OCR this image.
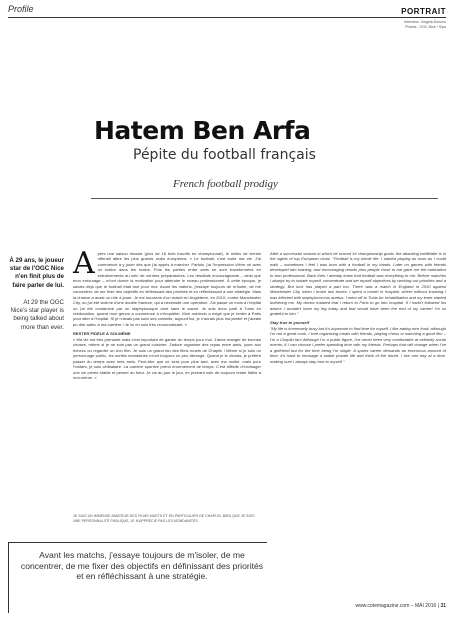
Profile	PORTRAIT
Interview : Angela Donovo
Photos : OGC Nice / Sipa
Hatem Ben Arfa
Pépite du football français
French football prodigy
À 29 ans, le joueur star de l'OGC Nice n'en finit plus de faire parler de lui.
At 29 the OGC Nice's star player is being talked about more than ever.

Après une saison réussie (plus de 16 buts inscrits en championnat), le milieu de terrain offensif attire les plus grands clubs européens. « Le football, c'est toute ma vie. J'ai commencé à y jouer dès que j'ai appris à marcher. Parfois, j'ai l'impression d'être né avec un ballon dans les mains. Puis les parties entre amis se sont transformées en entraînements au sein de centres préparatoires. Les résultats encourageants – ainsi que mon entourage – m'ont donné la motivation pour atteindre le niveau professionnel. À cette époque, je savais déjà que le football était tout pour moi. Avant les matchs, j'essaye toujours de m'isoler, de me concentrer, de me fixer des objectifs en définissant des priorités et en réfléchissant à une stratégie. Mais la chance a aussi un rôle à jouer. Je me souviens d'un match en Angleterre, en 2010, contre Manchester City, où j'ai été victime d'une double fracture, qui a nécessité une opération. J'ai passé un mois à l'hôpital où j'ai été contaminé par un staphylocoque dont sans le savoir. Je suis donc parti à Tunis en rééducation, quand mon genou a commencé à m'inquiéter. Mon médecin a exigé que je rentre à Paris pour aller à l'hôpital. Si je n'avais pas suivi ses conseils, aujourd'hui, je n'aurais plus ma jambe et j'aurais pu dire adieu à ma carrière ! Je lui en suis très reconnaissant. »

RESTER FIDÈLE À SOI-MÊME

« Ma vie est très prenante mais c'est important de garder du temps pour moi. J'aime manger de bonnes choses, même si je ne suis pas un grand cuisinier. J'adore organiser des repas entre amis, jouer aux échecs ou regarder un bon film. Je suis un grand fan des films muets de Chaplin ! Même si je suis un personnage public, les sorties mondaines m'ont toujours un peu dérangé. Quand je le choisis, je préfère passer du temps avec mes amis. Peut-être que ce sera pour plus tard, avec ma moitié, mais pour l'instant, je suis célibataire. La carrière sportive prend énormément de temps. C'est difficile d'envisager une vie privée stable et penser au futur. Je vis au jour le jour, en prenant soin de toujours rester fidèle à moi-même. »

JE SUIS UN IMMENSE AMATEUR DES FILMS MUETS ET EN PARTICULIER DE CHAPLIN. BIEN QUE JE SOIS UNE PERSONNALITÉ PUBLIQUE, JE N'APPRÉCIE PAS LES MONDANITÉS.

After a successful season in which he scored 16 championship goals, the attacking midfielder is in the sights of top European clubs. "Football is my whole life. I started playing as soon as I could walk – sometimes I feel I was born with a football in my hands. Later on games with friends developed into training, and encouraging results plus people close to me gave me the motivation to turn professional. Back then I already knew that football was everything to me. Before matches I always try to isolate myself, concentrate and set myself objectives by working out priorities and a strategy. But luck has played a part too. There was a match in England in 2010 against Manchester City, when I broke two bones. I spent a month in hospital, where without knowing I was infected with staphylococcus aureus. I went off to Tunis for rehabilitation and my knee started bothering me. My doctor insisted that I return to Paris to go into hospital. If I hadn't followed his advice I wouldn't have my leg today and that would have been the end of my career! I'm so grateful to him."

Stay true to yourself

"My life is immensely busy but it's important to find time for myself. I like eating nice food, although I'm not a great cook. I love organising meals with friends, playing chess or watching a good film – I'm a Chaplin fan! Although I'm a public figure, I've never been very comfortable at celebrity social events; if I can choose I prefer spending time with my friends. Perhaps that will change when I've a girlfriend but for the time being I'm single. A sports career demands an enormous amount of time; it's hard to envisage a stable private life and think of the future. I live one day at a time, making sure I always stay true to myself."

Avant les matchs, j'essaye toujours de m'isoler, de me concentrer, de me fixer des objectifs en définissant des priorités et en réfléchissant à une stratégie.
www.cotemagazine.com – MAI 2016 | 31
